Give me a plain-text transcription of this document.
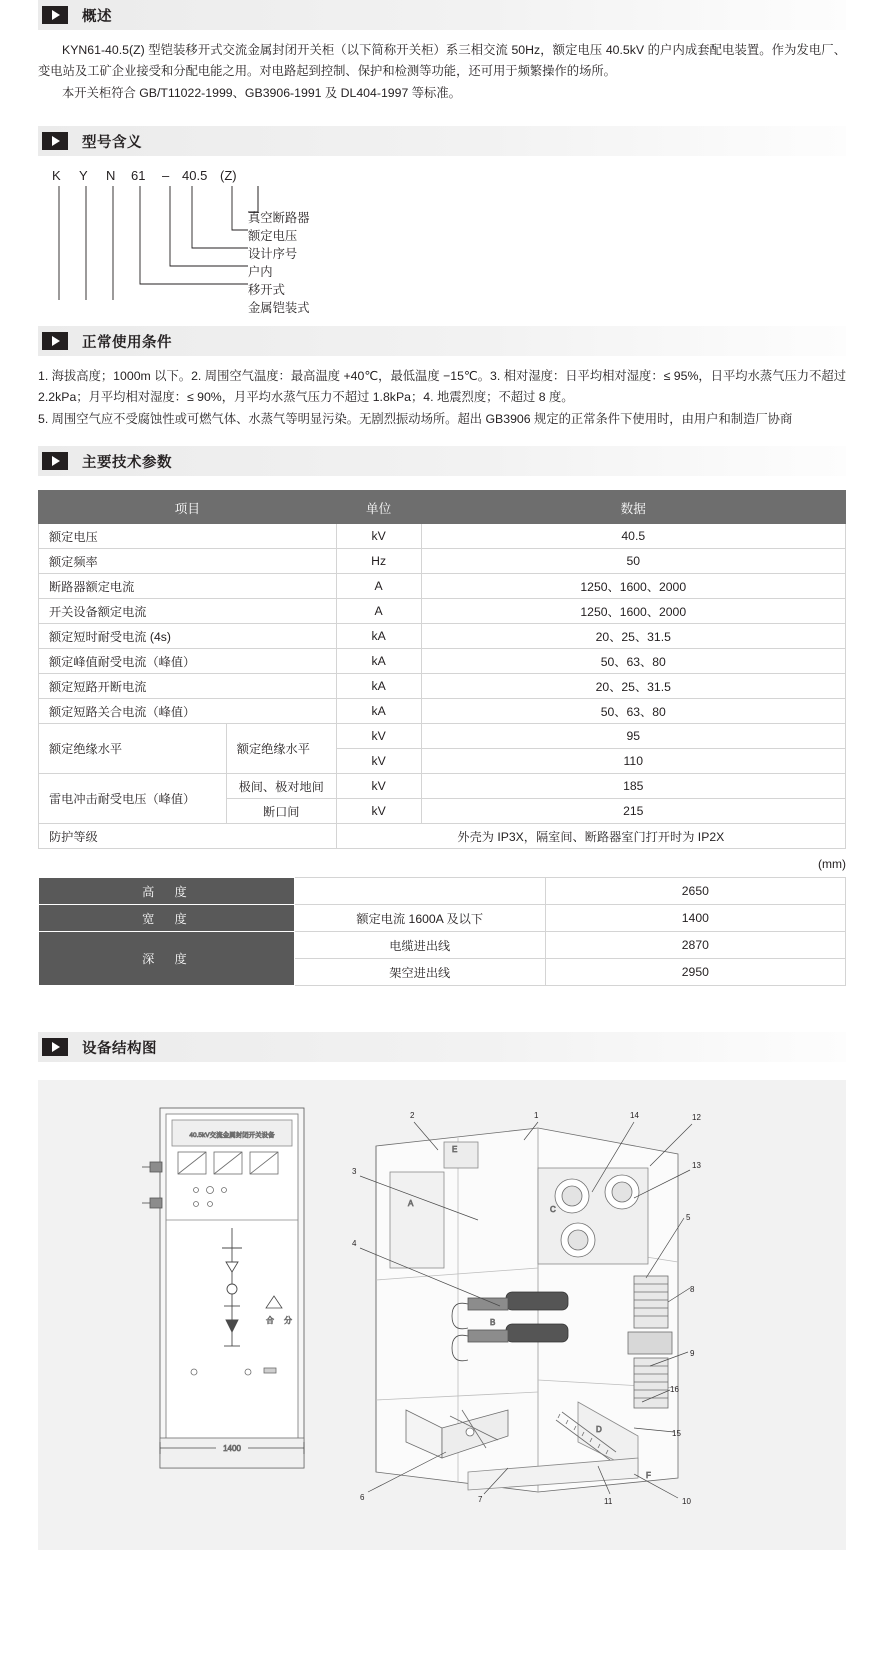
概述

KYN61-40.5(Z) 型铠装移开式交流金属封闭开关柜（以下简称开关柜）系三相交流 50Hz，额定电压 40.5kV 的户内成套配电装置。作为发电厂、变电站及工矿企业接受和分配电能之用。对电路起到控制、保护和检测等功能，还可用于频繁操作的场所。

本开关柜符合 GB/T11022-1999、GB3906-1991 及 DL404-1997 等标准。

型号含义
K Y N 61 – 40.5 (Z)
真空断路器
额定电压
设计序号
户内
移开式
金属铠装式
正常使用条件

1. 海拔高度；1000m 以下。2. 周围空气温度：最高温度 +40℃，最低温度 −15℃。3. 相对湿度：日平均相对湿度：≤ 95%，日平均水蒸气压力不超过 2.2kPa；月平均相对湿度：≤ 90%，月平均水蒸气压力不超过 1.8kPa；4. 地震烈度；不超过 8 度。

5. 周围空气应不受腐蚀性或可燃气体、水蒸气等明显污染。无剧烈振动场所。超出 GB3906 规定的正常条件下使用时，由用户和制造厂协商

主要技术参数
项目		单位	数据
额定电压		kV	40.5
额定频率		Hz	50
断路器额定电流		A	1250、1600、2000
开关设备额定电流		A	1250、1600、2000
额定短时耐受电流 (4s)		kA	20、25、31.5
额定峰值耐受电流（峰值）		kA	50、63、80
额定短路开断电流		kA	20、25、31.5
额定短路关合电流（峰值）		kA	50、63、80
额定绝缘水平	额定绝缘水平	kV	95
		kV	110
雷电冲击耐受电压（峰值）	极间、极对地间	kV	185
	断口间	kV	215
防护等级		外壳为 IP3X，隔室间、断路器室门打开时为 IP2X	
(mm)
高　度		2650
宽　度	额定电流 1600A 及以下	1400
深　度	电缆进出线	2870
	架空进出线	2950
设备结构图
40.5kV交流金属封闭开关设备
合 分
1400
A
E
C
B
D
F
1
2
3
4
5
6	7
8
9
10
11
12
13
14
15
16
